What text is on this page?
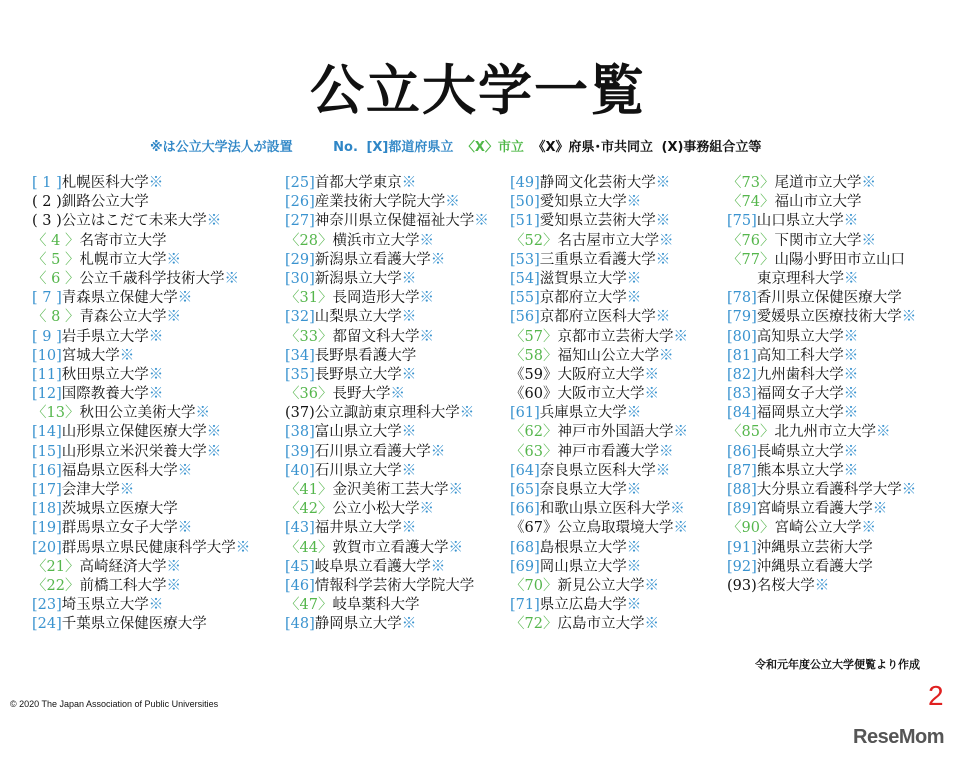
公立大学一覧
※は公立大学法人が設置	No. [X]都道府県立 〈X〉市立 《X》府県･市共同立 (X)事務組合立等
[ 1 ]札幌医科大学※
( 2 )釧路公立大学
( 3 )公立はこだて未来大学※
〈 4 〉名寄市立大学
〈 5 〉札幌市立大学※
〈 6 〉公立千歳科学技術大学※
[ 7 ]青森県立保健大学※
〈 8 〉青森公立大学※
[ 9 ]岩手県立大学※
[10]宮城大学※
[11]秋田県立大学※
[12]国際教養大学※
〈13〉秋田公立美術大学※
[14]山形県立保健医療大学※
[15]山形県立米沢栄養大学※
[16]福島県立医科大学※
[17]会津大学※
[18]茨城県立医療大学
[19]群馬県立女子大学※
[20]群馬県立県民健康科学大学※
〈21〉高崎経済大学※
〈22〉前橋工科大学※
[23]埼玉県立大学※
[24]千葉県立保健医療大学
[25]首都大学東京※
[26]産業技術大学院大学※
[27]神奈川県立保健福祉大学※
〈28〉横浜市立大学※
[29]新潟県立看護大学※
[30]新潟県立大学※
〈31〉長岡造形大学※
[32]山梨県立大学※
〈33〉都留文科大学※
[34]長野県看護大学
[35]長野県立大学※
〈36〉長野大学※
(37)公立諏訪東京理科大学※
[38]富山県立大学※
[39]石川県立看護大学※
[40]石川県立大学※
〈41〉金沢美術工芸大学※
〈42〉公立小松大学※
[43]福井県立大学※
〈44〉敦賀市立看護大学※
[45]岐阜県立看護大学※
[46]情報科学芸術大学院大学
〈47〉岐阜薬科大学
[48]静岡県立大学※
[49]静岡文化芸術大学※
[50]愛知県立大学※
[51]愛知県立芸術大学※
〈52〉名古屋市立大学※
[53]三重県立看護大学※
[54]滋賀県立大学※
[55]京都府立大学※
[56]京都府立医科大学※
〈57〉京都市立芸術大学※
〈58〉福知山公立大学※
《59》大阪府立大学※
《60》大阪市立大学※
[61]兵庫県立大学※
〈62〉神戸市外国語大学※
〈63〉神戸市看護大学※
[64]奈良県立医科大学※
[65]奈良県立大学※
[66]和歌山県立医科大学※
《67》公立鳥取環境大学※
[68]島根県立大学※
[69]岡山県立大学※
〈70〉新見公立大学※
[71]県立広島大学※
〈72〉広島市立大学※
〈73〉尾道市立大学※
〈74〉福山市立大学
[75]山口県立大学※
〈76〉下関市立大学※
〈77〉山陽小野田市立山口
東京理科大学※
[78]香川県立保健医療大学
[79]愛媛県立医療技術大学※
[80]高知県立大学※
[81]高知工科大学※
[82]九州歯科大学※
[83]福岡女子大学※
[84]福岡県立大学※
〈85〉北九州市立大学※
[86]長崎県立大学※
[87]熊本県立大学※
[88]大分県立看護科学大学※
[89]宮崎県立看護大学※
〈90〉宮崎公立大学※
[91]沖縄県立芸術大学
[92]沖縄県立看護大学
(93)名桜大学※
令和元年度公立大学便覧より作成
2
© 2020 The Japan Association of Public Universities
ReseMom
